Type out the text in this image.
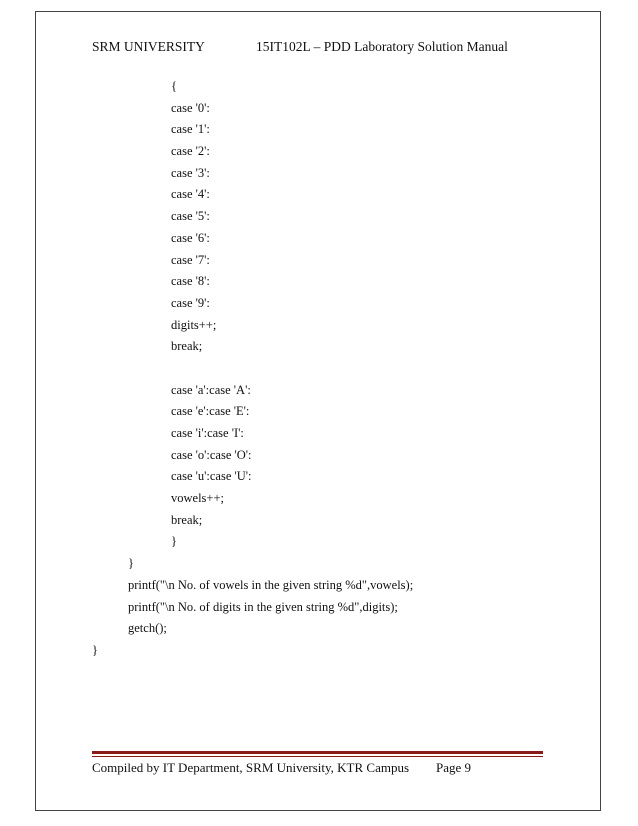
SRM UNIVERSITY	15IT102L – PDD Laboratory Solution Manual
{
case '0':
case '1':
case '2':
case '3':
case '4':
case '5':
case '6':
case '7':
case '8':
case '9':
digits++;
break;
case 'a':case 'A':
case 'e':case 'E':
case 'i':case 'I':
case 'o':case 'O':
case 'u':case 'U':
vowels++;
break;
}
}
printf("\n No. of vowels in the given string %d",vowels);
printf("\n No. of digits in the given string %d",digits);
getch();
}
Compiled by IT Department, SRM University, KTR Campus Page 9
